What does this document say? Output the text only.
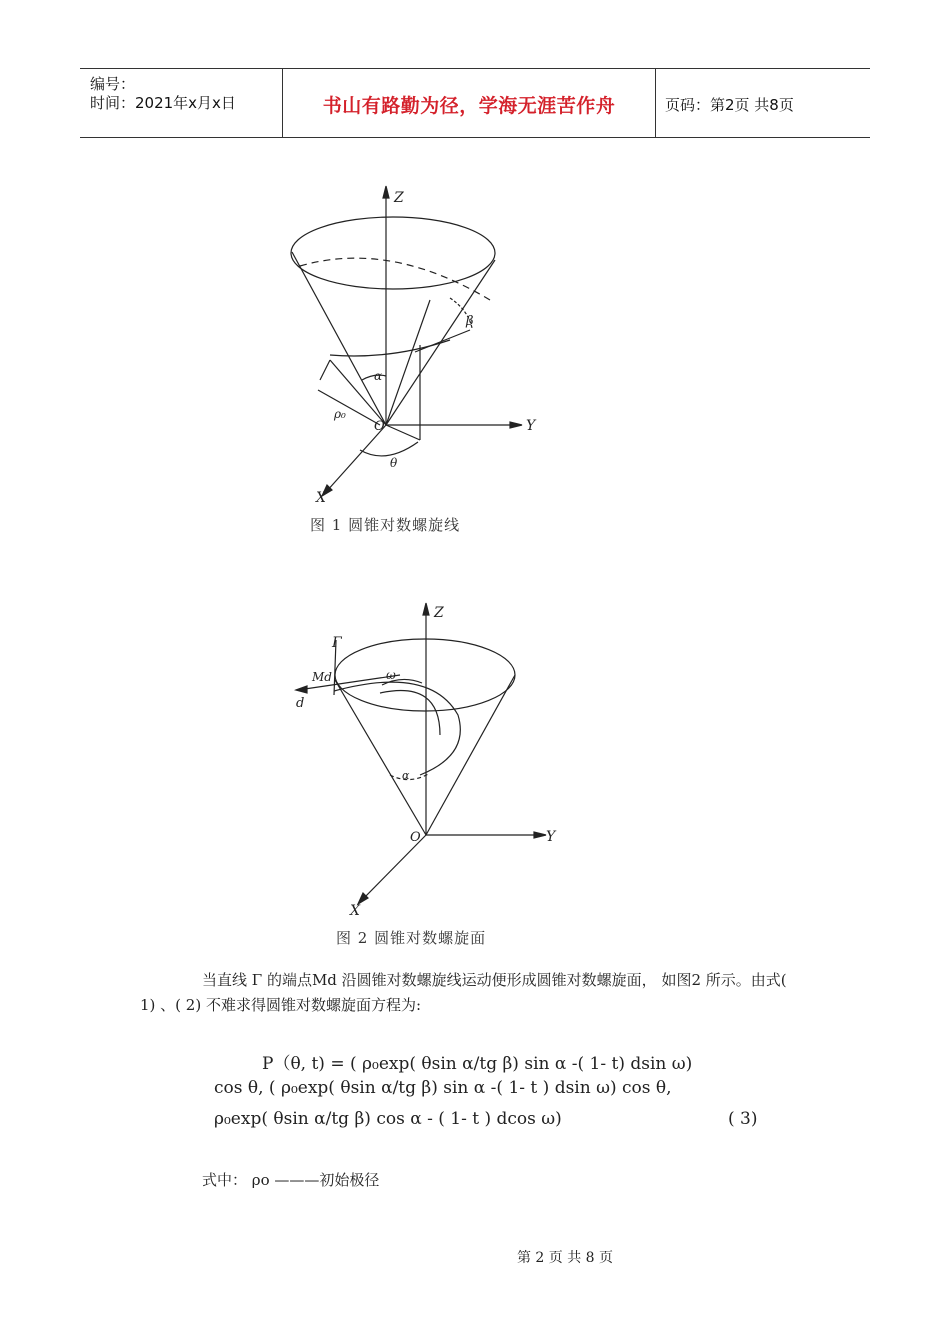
编号：
时间：2021年x月x日	书山有路勤为径，学海无涯苦作舟	页码：第2页 共8页
Z
Y
X
O
α
β
ρ₀
θ
图 1 圆锥对数螺旋线
Z
Y
X
O
Γ
Md
d
ω
α
图 2 圆锥对数螺旋面
当直线 Γ 的端点Md 沿圆锥对数螺旋线运动便形成圆锥对数螺旋面， 如图2 所示。由式( 1) 、( 2) 不难求得圆锥对数螺旋面方程为:
P（θ, t) = ( ρ₀exp( θsin α/tg β) sin α -( 1- t) dsin ω)
cos θ, ( ρ₀exp( θsin α/tg β) sin α -( 1- t ) dsin ω) cos θ,
ρ₀exp( θsin α/tg β) cos α - ( 1- t ) dcos ω)	( 3)
式中： ρo ———初始极径
第 2 页 共 8 页
